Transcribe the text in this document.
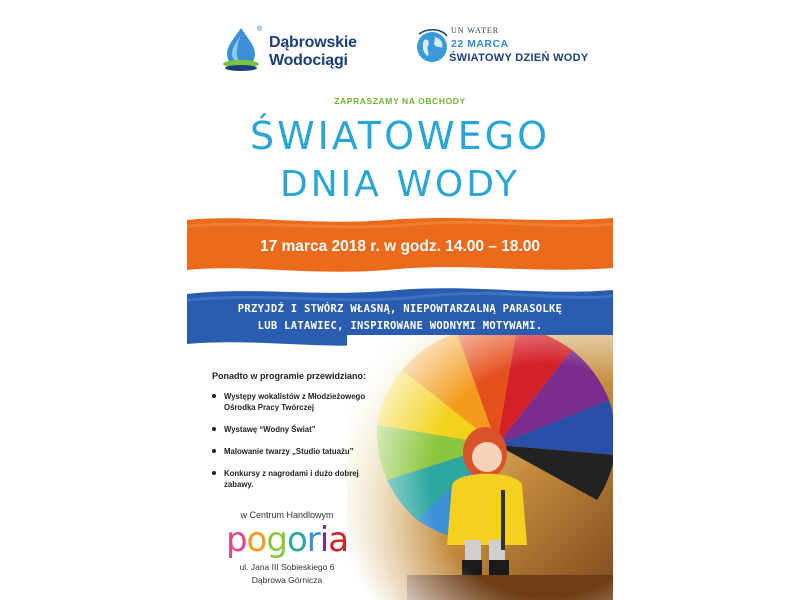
®
Dąbrowskie
Wodociągi
UN WATER
22 MARCA
ŚWIATOWY DZIEŃ WODY
ZAPRASZAMY NA OBCHODY
ŚWIATOWEGO
DNIA WODY
17 marca 2018 r. w godz. 14.00 – 18.00
PRZYJDŹ I STWÓRZ WŁASNĄ, NIEPOWTARZALNĄ PARASOLKĘ
LUB LATAWIEC, INSPIROWANE WODNYMI MOTYWAMI.
Ponadto w programie przewidziano:
Występy wokalistów z Młodzieżowego Ośrodka Pracy Twórczej
Wystawę “Wodny Świat”
Malowanie twarzy „Studio tatuażu”
Konkursy z nagrodami i dużo dobrej zabawy.
w Centrum Handlowym
pogoria
ul. Jana III Sobieskiego 6
Dąbrowa Górnicza
